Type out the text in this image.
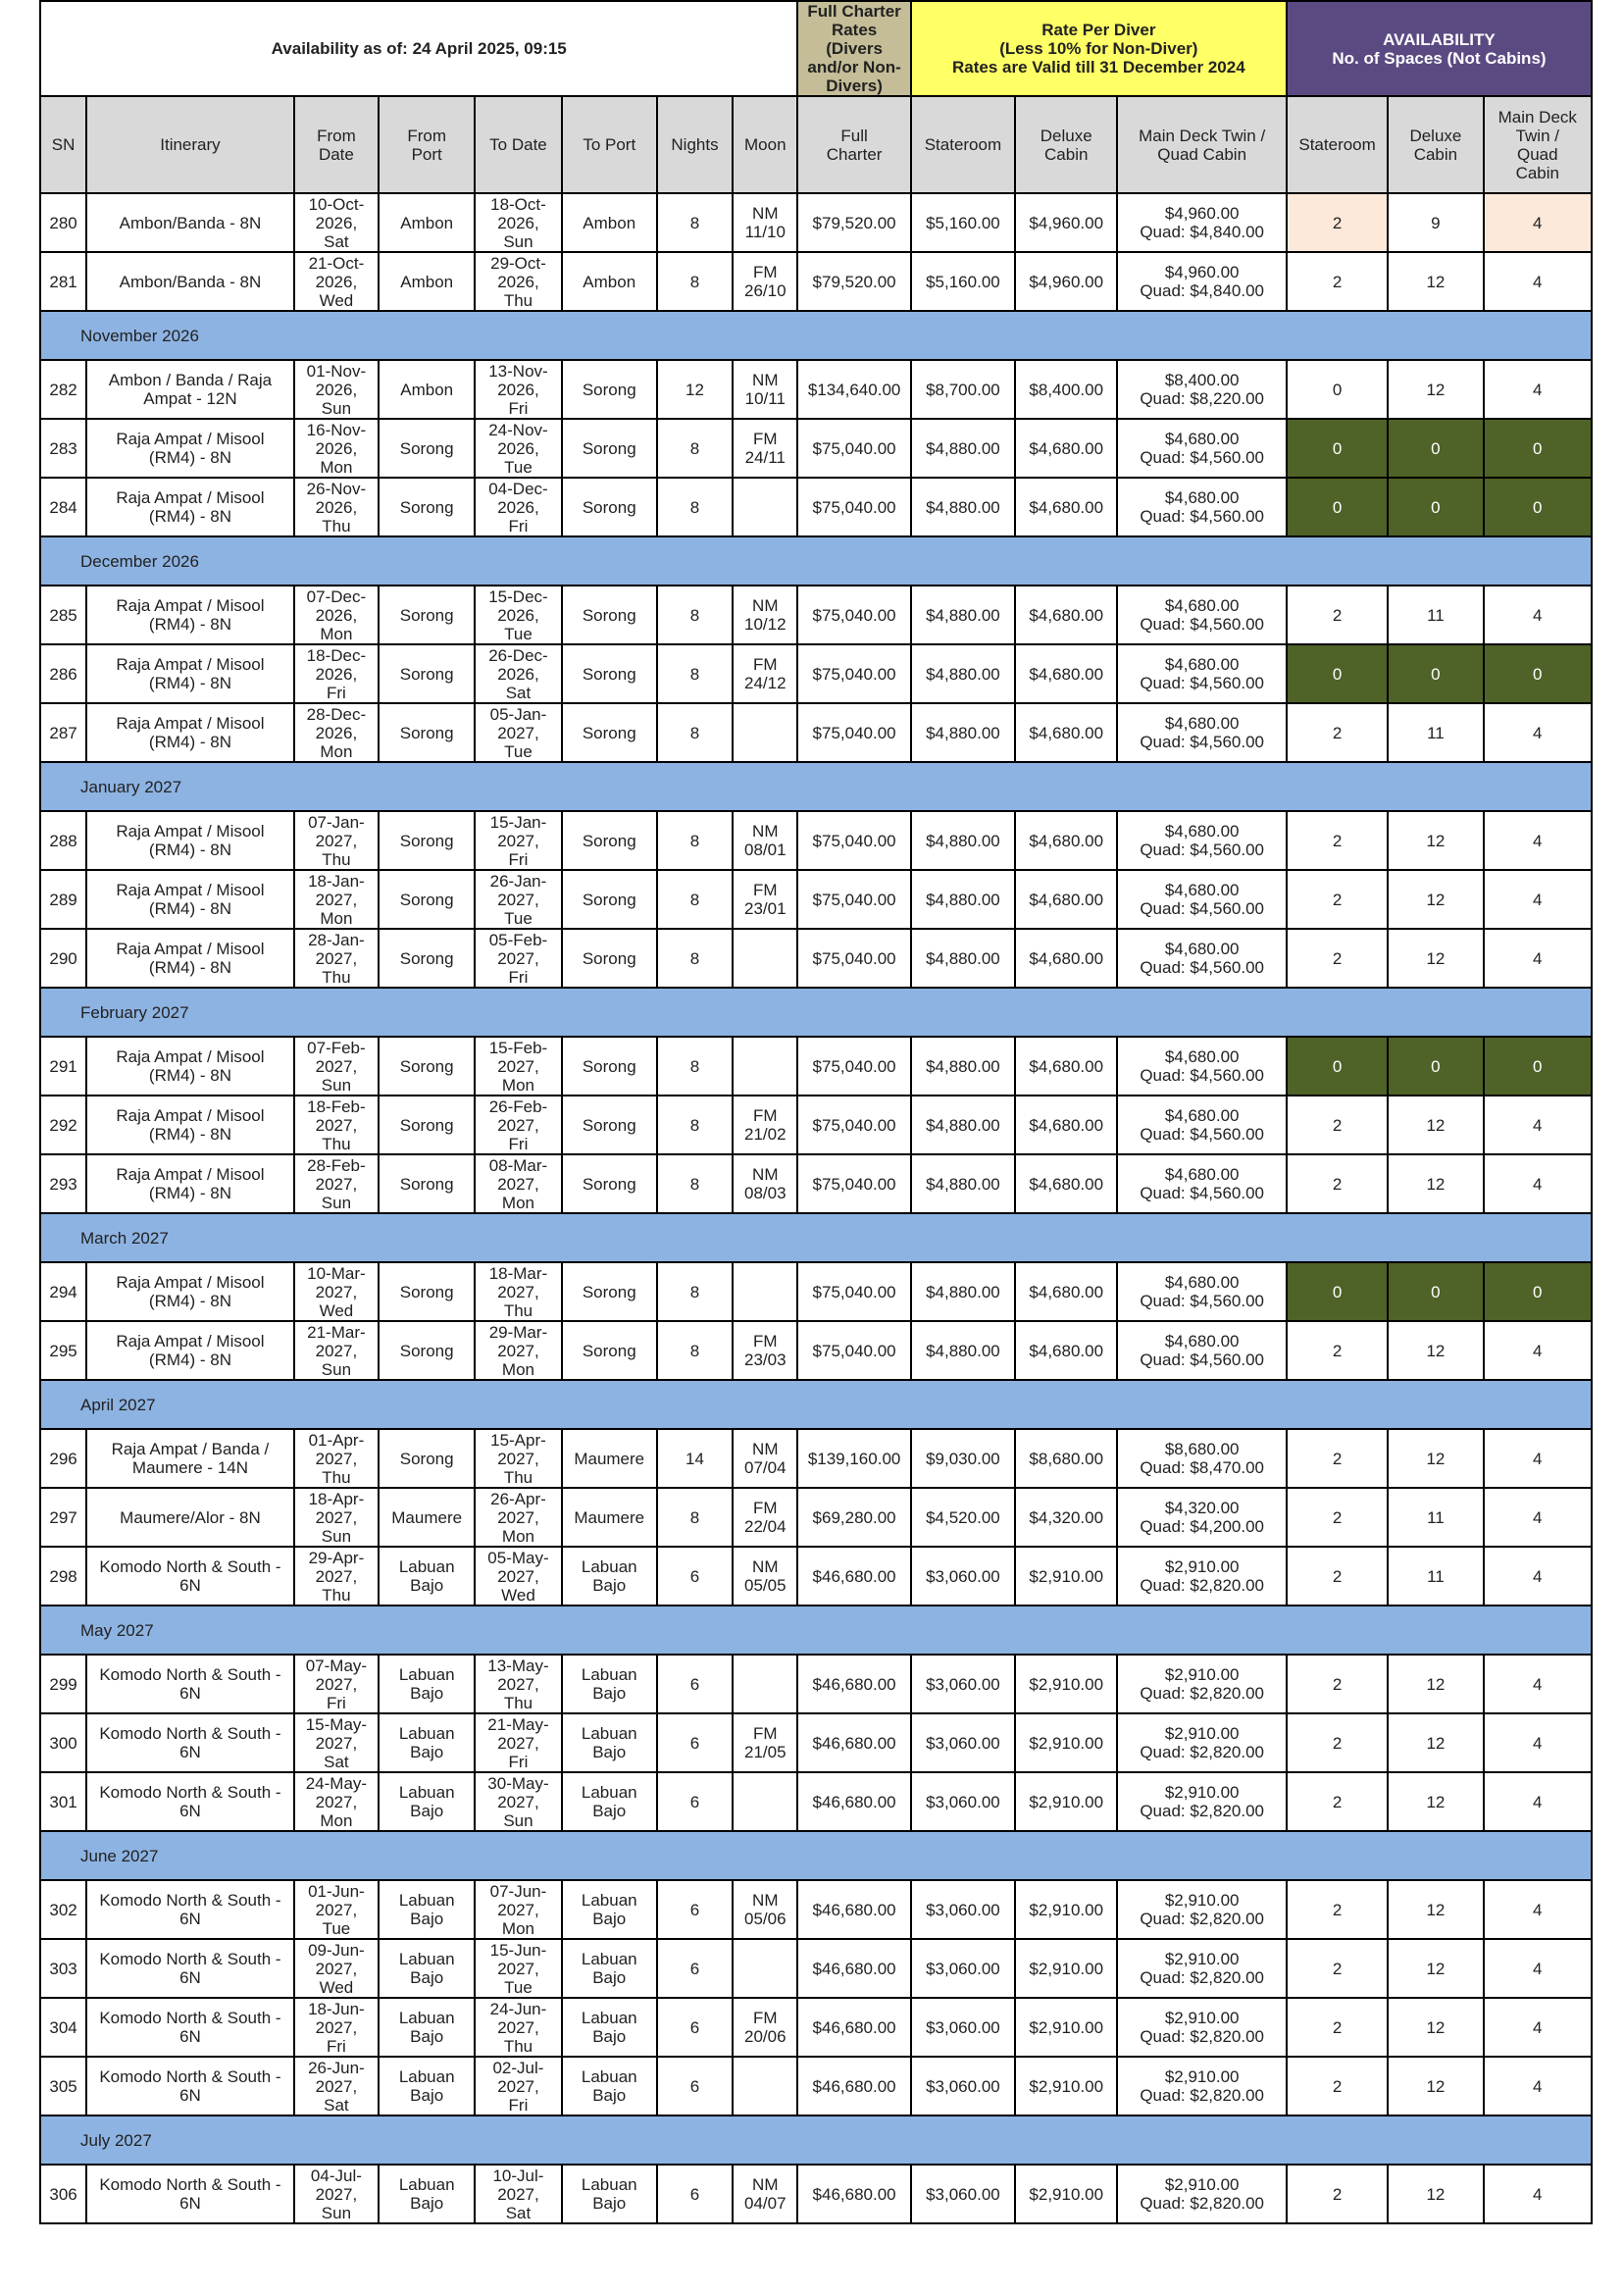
Availability as of: 24 April 2025, 09:15								Full Charter Rates
(Divers and/or Non-Divers)	Rate Per Diver
(Less 10% for Non-Diver)
Rates are Valid till 31 December 2024			AVAILABILITY
No. of Spaces (Not Cabins)		
SN	Itinerary	From
Date	From
Port	To Date	To Port	Nights	Moon	Full
Charter	Stateroom	Deluxe
Cabin	Main Deck Twin /
Quad Cabin	Stateroom	Deluxe
Cabin	Main Deck
Twin /
Quad
Cabin
280	Ambon/Banda - 8N	10-Oct-
2026,
Sat	Ambon	18-Oct-
2026,
Sun	Ambon	8	NM
11/10	$79,520.00	$5,160.00	$4,960.00	$4,960.00
Quad: $4,840.00	2	9	4
281	Ambon/Banda - 8N	21-Oct-
2026,
Wed	Ambon	29-Oct-
2026,
Thu	Ambon	8	FM
26/10	$79,520.00	$5,160.00	$4,960.00	$4,960.00
Quad: $4,840.00	2	12	4
November 2026														
282	Ambon / Banda / Raja
Ampat - 12N	01-Nov-
2026,
Sun	Ambon	13-Nov-
2026,
Fri	Sorong	12	NM
10/11	$134,640.00	$8,700.00	$8,400.00	$8,400.00
Quad: $8,220.00	0	12	4
283	Raja Ampat / Misool
(RM4) - 8N	16-Nov-
2026,
Mon	Sorong	24-Nov-
2026,
Tue	Sorong	8	FM
24/11	$75,040.00	$4,880.00	$4,680.00	$4,680.00
Quad: $4,560.00	0	0	0
284	Raja Ampat / Misool
(RM4) - 8N	26-Nov-
2026,
Thu	Sorong	04-Dec-
2026,
Fri	Sorong	8		$75,040.00	$4,880.00	$4,680.00	$4,680.00
Quad: $4,560.00	0	0	0
December 2026														
285	Raja Ampat / Misool
(RM4) - 8N	07-Dec-
2026,
Mon	Sorong	15-Dec-
2026,
Tue	Sorong	8	NM
10/12	$75,040.00	$4,880.00	$4,680.00	$4,680.00
Quad: $4,560.00	2	11	4
286	Raja Ampat / Misool
(RM4) - 8N	18-Dec-
2026,
Fri	Sorong	26-Dec-
2026,
Sat	Sorong	8	FM
24/12	$75,040.00	$4,880.00	$4,680.00	$4,680.00
Quad: $4,560.00	0	0	0
287	Raja Ampat / Misool
(RM4) - 8N	28-Dec-
2026,
Mon	Sorong	05-Jan-
2027,
Tue	Sorong	8		$75,040.00	$4,880.00	$4,680.00	$4,680.00
Quad: $4,560.00	2	11	4
January 2027														
288	Raja Ampat / Misool
(RM4) - 8N	07-Jan-
2027,
Thu	Sorong	15-Jan-
2027,
Fri	Sorong	8	NM
08/01	$75,040.00	$4,880.00	$4,680.00	$4,680.00
Quad: $4,560.00	2	12	4
289	Raja Ampat / Misool
(RM4) - 8N	18-Jan-
2027,
Mon	Sorong	26-Jan-
2027,
Tue	Sorong	8	FM
23/01	$75,040.00	$4,880.00	$4,680.00	$4,680.00
Quad: $4,560.00	2	12	4
290	Raja Ampat / Misool
(RM4) - 8N	28-Jan-
2027,
Thu	Sorong	05-Feb-
2027,
Fri	Sorong	8		$75,040.00	$4,880.00	$4,680.00	$4,680.00
Quad: $4,560.00	2	12	4
February 2027														
291	Raja Ampat / Misool
(RM4) - 8N	07-Feb-
2027,
Sun	Sorong	15-Feb-
2027,
Mon	Sorong	8		$75,040.00	$4,880.00	$4,680.00	$4,680.00
Quad: $4,560.00	0	0	0
292	Raja Ampat / Misool
(RM4) - 8N	18-Feb-
2027,
Thu	Sorong	26-Feb-
2027,
Fri	Sorong	8	FM
21/02	$75,040.00	$4,880.00	$4,680.00	$4,680.00
Quad: $4,560.00	2	12	4
293	Raja Ampat / Misool
(RM4) - 8N	28-Feb-
2027,
Sun	Sorong	08-Mar-
2027,
Mon	Sorong	8	NM
08/03	$75,040.00	$4,880.00	$4,680.00	$4,680.00
Quad: $4,560.00	2	12	4
March 2027														
294	Raja Ampat / Misool
(RM4) - 8N	10-Mar-
2027,
Wed	Sorong	18-Mar-
2027,
Thu	Sorong	8		$75,040.00	$4,880.00	$4,680.00	$4,680.00
Quad: $4,560.00	0	0	0
295	Raja Ampat / Misool
(RM4) - 8N	21-Mar-
2027,
Sun	Sorong	29-Mar-
2027,
Mon	Sorong	8	FM
23/03	$75,040.00	$4,880.00	$4,680.00	$4,680.00
Quad: $4,560.00	2	12	4
April 2027														
296	Raja Ampat / Banda /
Maumere - 14N	01-Apr-
2027,
Thu	Sorong	15-Apr-
2027,
Thu	Maumere	14	NM
07/04	$139,160.00	$9,030.00	$8,680.00	$8,680.00
Quad: $8,470.00	2	12	4
297	Maumere/Alor - 8N	18-Apr-
2027,
Sun	Maumere	26-Apr-
2027,
Mon	Maumere	8	FM
22/04	$69,280.00	$4,520.00	$4,320.00	$4,320.00
Quad: $4,200.00	2	11	4
298	Komodo North & South -
6N	29-Apr-
2027,
Thu	Labuan
Bajo	05-May-
2027,
Wed	Labuan
Bajo	6	NM
05/05	$46,680.00	$3,060.00	$2,910.00	$2,910.00
Quad: $2,820.00	2	11	4
May 2027														
299	Komodo North & South -
6N	07-May-
2027,
Fri	Labuan
Bajo	13-May-
2027,
Thu	Labuan
Bajo	6		$46,680.00	$3,060.00	$2,910.00	$2,910.00
Quad: $2,820.00	2	12	4
300	Komodo North & South -
6N	15-May-
2027,
Sat	Labuan
Bajo	21-May-
2027,
Fri	Labuan
Bajo	6	FM
21/05	$46,680.00	$3,060.00	$2,910.00	$2,910.00
Quad: $2,820.00	2	12	4
301	Komodo North & South -
6N	24-May-
2027,
Mon	Labuan
Bajo	30-May-
2027,
Sun	Labuan
Bajo	6		$46,680.00	$3,060.00	$2,910.00	$2,910.00
Quad: $2,820.00	2	12	4
June 2027														
302	Komodo North & South -
6N	01-Jun-
2027,
Tue	Labuan
Bajo	07-Jun-
2027,
Mon	Labuan
Bajo	6	NM
05/06	$46,680.00	$3,060.00	$2,910.00	$2,910.00
Quad: $2,820.00	2	12	4
303	Komodo North & South -
6N	09-Jun-
2027,
Wed	Labuan
Bajo	15-Jun-
2027,
Tue	Labuan
Bajo	6		$46,680.00	$3,060.00	$2,910.00	$2,910.00
Quad: $2,820.00	2	12	4
304	Komodo North & South -
6N	18-Jun-
2027,
Fri	Labuan
Bajo	24-Jun-
2027,
Thu	Labuan
Bajo	6	FM
20/06	$46,680.00	$3,060.00	$2,910.00	$2,910.00
Quad: $2,820.00	2	12	4
305	Komodo North & South -
6N	26-Jun-
2027,
Sat	Labuan
Bajo	02-Jul-
2027,
Fri	Labuan
Bajo	6		$46,680.00	$3,060.00	$2,910.00	$2,910.00
Quad: $2,820.00	2	12	4
July 2027														
306	Komodo North & South -
6N	04-Jul-
2027,
Sun	Labuan
Bajo	10-Jul-
2027,
Sat	Labuan
Bajo	6	NM
04/07	$46,680.00	$3,060.00	$2,910.00	$2,910.00
Quad: $2,820.00	2	12	4
